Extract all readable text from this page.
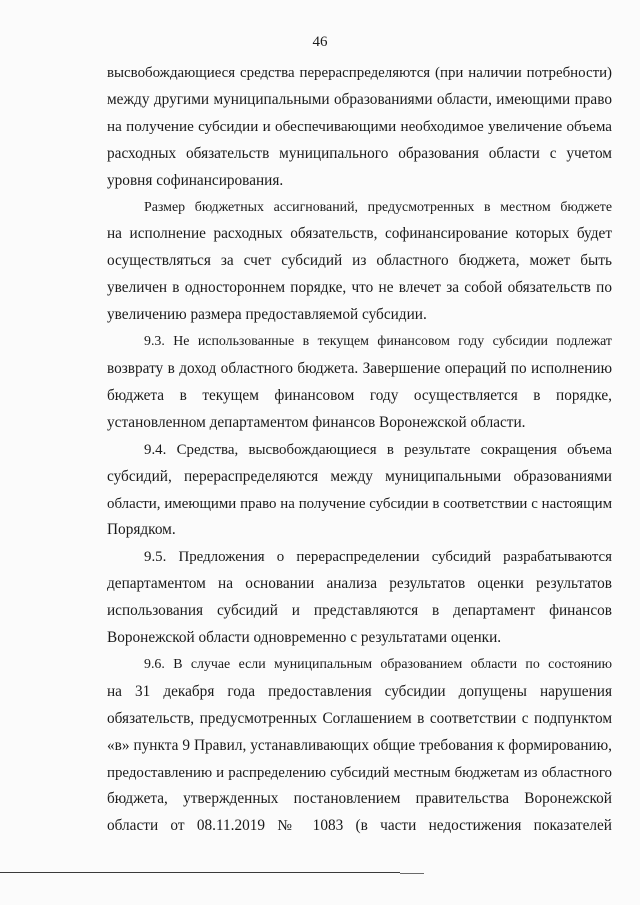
46

высвобождающиеся средства перераспределяются (при наличии потребности)
между другими муниципальными образованиями области, имеющими право
на получение субсидии и обеспечивающими необходимое увеличение объема
расходных обязательств муниципального образования области с учетом
уровня софинансирования.

Размер бюджетных ассигнований, предусмотренных в местном бюджете
на исполнение расходных обязательств, софинансирование которых будет
осуществляться за счет субсидий из областного бюджета, может быть
увеличен в одностороннем порядке, что не влечет за собой обязательств по
увеличению размера предоставляемой субсидии.

9.3. Не использованные в текущем финансовом году субсидии подлежат
возврату в доход областного бюджета. Завершение операций по исполнению
бюджета в текущем финансовом году осуществляется в порядке,
установленном департаментом финансов Воронежской области.

9.4. Средства, высвобождающиеся в результате сокращения объема
субсидий, перераспределяются между муниципальными образованиями
области, имеющими право на получение субсидии в соответствии с настоящим
Порядком.

9.5. Предложения о перераспределении субсидий разрабатываются
департаментом на основании анализа результатов оценки результатов
использования субсидий и представляются в департамент финансов
Воронежской области одновременно с результатами оценки.

9.6. В случае если муниципальным образованием области по состоянию
на 31 декабря года предоставления субсидии допущены нарушения
обязательств, предусмотренных Соглашением в соответствии с подпунктом
«в» пункта 9 Правил, устанавливающих общие требования к формированию,
предоставлению и распределению субсидий местным бюджетам из областного
бюджета, утвержденных постановлением правительства Воронежской
области от 08.11.2019 № 1083 (в части недостижения показателей
